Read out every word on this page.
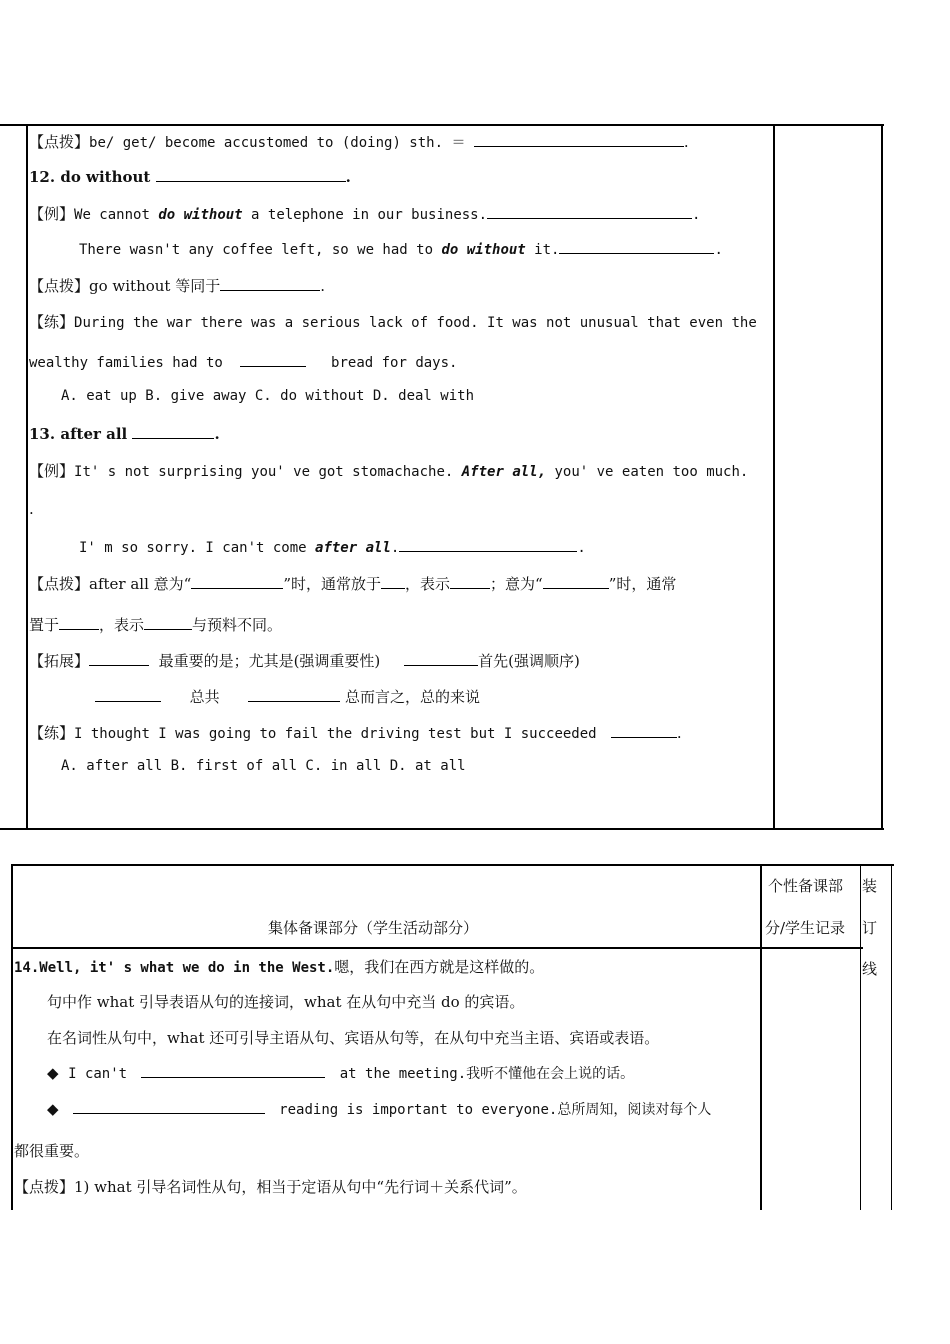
【点拨】be/ get/ become accustomed to (doing) sth. ＝	.
12. do without	.
【例】We cannot do without a telephone in our business.	.
There wasn't any coffee left, so we had to do without it.	.
【点拨】go without 等同于	.
【练】During the war there was a serious lack of food. It was not unusual that even the
wealthy families had to	bread for days.
A. eat up B. give away C. do without D. deal with
13. after all	.
【例】It' s not surprising you' ve got stomachache. After all, you' ve eaten too much.
.
I' m so sorry. I can't come after all.	.
【点拨】after all 意为“	”时，通常放于 ，表示	；意为“	”时，通常
置于	，表示	与预料不同。
【拓展】	最重要的是；尤其是(强调重要性)	首先(强调顺序)
总共	总而言之，总的来说
【练】I thought I was going to fail the driving test but I succeeded	.
A. after all B. first of all C. in all D. at all
集体备课部分（学生活动部分）
个性备课部
分/学生记录
装
订
线
14.Well, it' s what we do in the West.嗯，我们在西方就是这样做的。
句中作 what 引导表语从句的连接词，what 在从句中充当 do 的宾语。
在名词性从句中，what 还可引导主语从句、宾语从句等，在从句中充当主语、宾语或表语。
◆ I can't	at the meeting.我听不懂他在会上说的话。
◆	reading is important to everyone.总所周知，阅读对每个人
都很重要。
【点拨】1) what 引导名词性从句，相当于定语从句中“先行词＋关系代词”。
